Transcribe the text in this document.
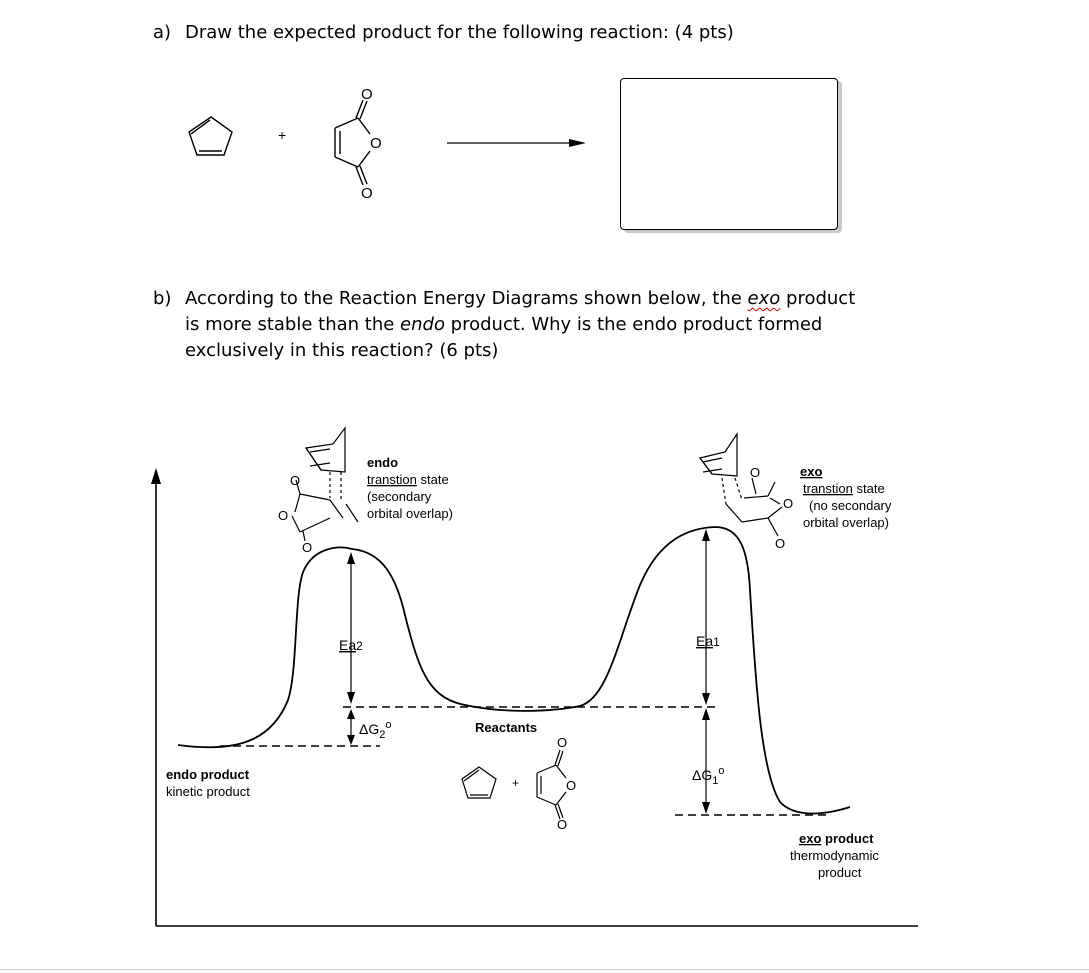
a) Draw the expected product for the following reaction: (4 pts)
+
O
O
O
b) According to the Reaction Energy Diagrams shown below, the exo product is more stable than the endo product. Why is the endo product formed exclusively in this reaction? (6 pts)
Ea2	Ea1
$\Delta G_2^o$
$\Delta G_1^o$
O
O
O
endo
transtion state
(secondary
orbital overlap)
O
O
O
exo
transtion state
(no secondary
orbital overlap)
Reactants
+
O
O
O
endo product
kinetic product
exo product
thermodynamic
product
